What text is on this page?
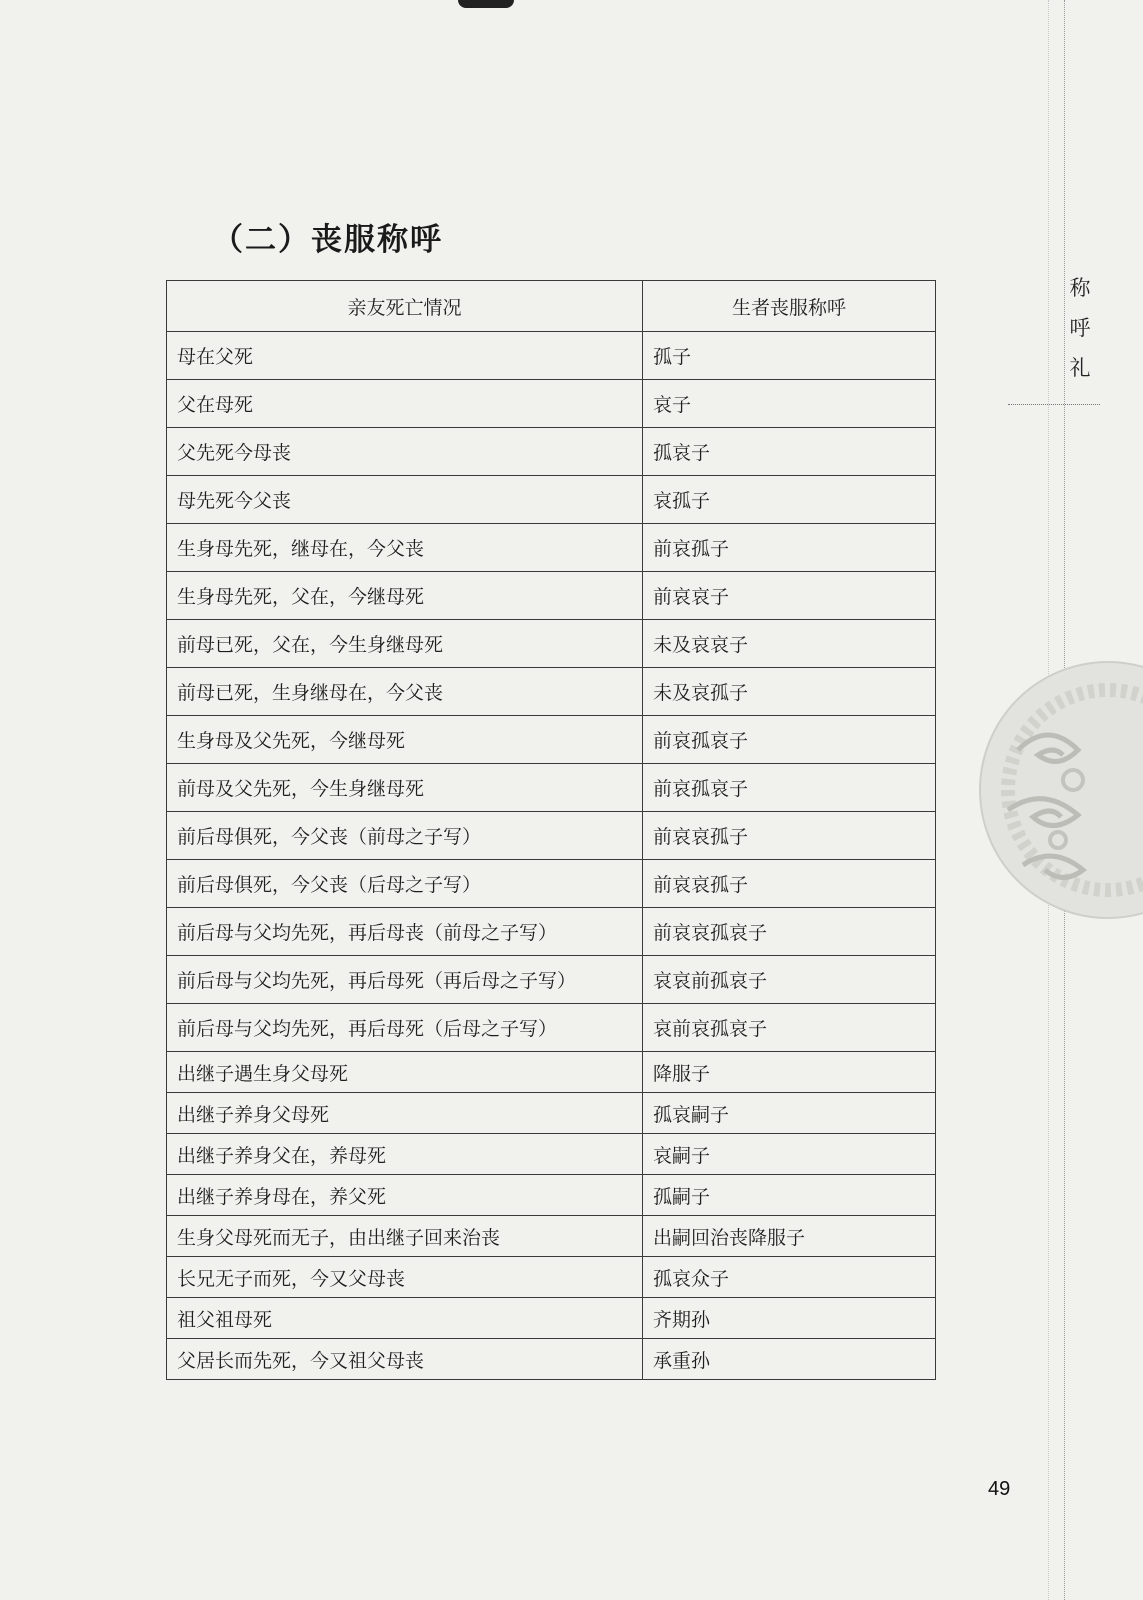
（二）丧服称呼
称
呼
礼
亲友死亡情况	生者丧服称呼
母在父死	孤子
父在母死	哀子
父先死今母丧	孤哀子
母先死今父丧	哀孤子
生身母先死，继母在，今父丧	前哀孤子
生身母先死，父在，今继母死	前哀哀子
前母已死，父在，今生身继母死	未及哀哀子
前母已死，生身继母在，今父丧	未及哀孤子
生身母及父先死，今继母死	前哀孤哀子
前母及父先死，今生身继母死	前哀孤哀子
前后母俱死，今父丧（前母之子写）	前哀哀孤子
前后母俱死，今父丧（后母之子写）	前哀哀孤子
前后母与父均先死，再后母丧（前母之子写）	前哀哀孤哀子
前后母与父均先死，再后母死（再后母之子写）	哀哀前孤哀子
前后母与父均先死，再后母死（后母之子写）	哀前哀孤哀子
出继子遇生身父母死	降服子
出继子养身父母死	孤哀嗣子
出继子养身父在，养母死	哀嗣子
出继子养身母在，养父死	孤嗣子
生身父母死而无子，由出继子回来治丧	出嗣回治丧降服子
长兄无子而死，今又父母丧	孤哀众子
祖父祖母死	齐期孙
父居长而先死，今又祖父母丧	承重孙
49
